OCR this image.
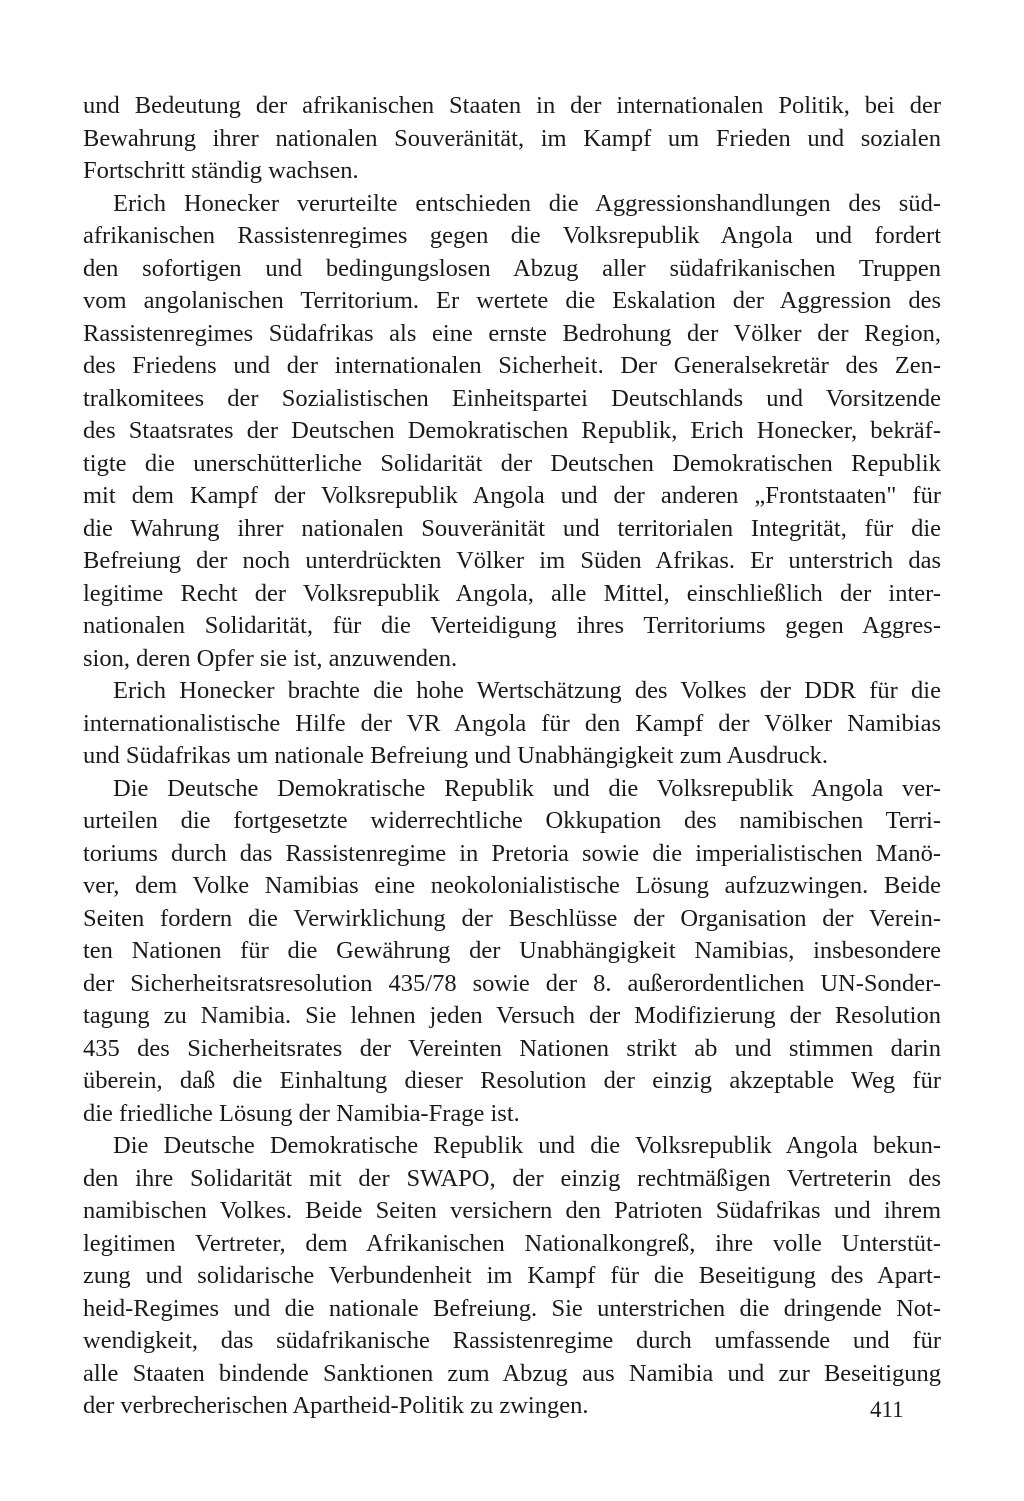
und Bedeutung der afrikanischen Staaten in der internationalen Politik, bei der
Bewahrung ihrer nationalen Souveränität, im Kampf um Frieden und sozialen
Fortschritt ständig wachsen.
Erich Honecker verurteilte entschieden die Aggressionshandlungen des süd-
afrikanischen Rassistenregimes gegen die Volksrepublik Angola und fordert
den sofortigen und bedingungslosen Abzug aller südafrikanischen Truppen
vom angolanischen Territorium. Er wertete die Eskalation der Aggression des
Rassistenregimes Südafrikas als eine ernste Bedrohung der Völker der Region,
des Friedens und der internationalen Sicherheit. Der Generalsekretär des Zen-
tralkomitees der Sozialistischen Einheitspartei Deutschlands und Vorsitzende
des Staatsrates der Deutschen Demokratischen Republik, Erich Honecker, bekräf-
tigte die unerschütterliche Solidarität der Deutschen Demokratischen Republik
mit dem Kampf der Volksrepublik Angola und der anderen „Frontstaaten" für
die Wahrung ihrer nationalen Souveränität und territorialen Integrität, für die
Befreiung der noch unterdrückten Völker im Süden Afrikas. Er unterstrich das
legitime Recht der Volksrepublik Angola, alle Mittel, einschließlich der inter-
nationalen Solidarität, für die Verteidigung ihres Territoriums gegen Aggres-
sion, deren Opfer sie ist, anzuwenden.
Erich Honecker brachte die hohe Wertschätzung des Volkes der DDR für die
internationalistische Hilfe der VR Angola für den Kampf der Völker Namibias
und Südafrikas um nationale Befreiung und Unabhängigkeit zum Ausdruck.
Die Deutsche Demokratische Republik und die Volksrepublik Angola ver-
urteilen die fortgesetzte widerrechtliche Okkupation des namibischen Terri-
toriums durch das Rassistenregime in Pretoria sowie die imperialistischen Manö-
ver, dem Volke Namibias eine neokolonialistische Lösung aufzuzwingen. Beide
Seiten fordern die Verwirklichung der Beschlüsse der Organisation der Verein-
ten Nationen für die Gewährung der Unabhängigkeit Namibias, insbesondere
der Sicherheitsratsresolution 435/78 sowie der 8. außerordentlichen UN-Sonder-
tagung zu Namibia. Sie lehnen jeden Versuch der Modifizierung der Resolution
435 des Sicherheitsrates der Vereinten Nationen strikt ab und stimmen darin
überein, daß die Einhaltung dieser Resolution der einzig akzeptable Weg für
die friedliche Lösung der Namibia-Frage ist.
Die Deutsche Demokratische Republik und die Volksrepublik Angola bekun-
den ihre Solidarität mit der SWAPO, der einzig rechtmäßigen Vertreterin des
namibischen Volkes. Beide Seiten versichern den Patrioten Südafrikas und ihrem
legitimen Vertreter, dem Afrikanischen Nationalkongreß, ihre volle Unterstüt-
zung und solidarische Verbundenheit im Kampf für die Beseitigung des Apart-
heid-Regimes und die nationale Befreiung. Sie unterstrichen die dringende Not-
wendigkeit, das südafrikanische Rassistenregime durch umfassende und für
alle Staaten bindende Sanktionen zum Abzug aus Namibia und zur Beseitigung
der verbrecherischen Apartheid-Politik zu zwingen.	411
